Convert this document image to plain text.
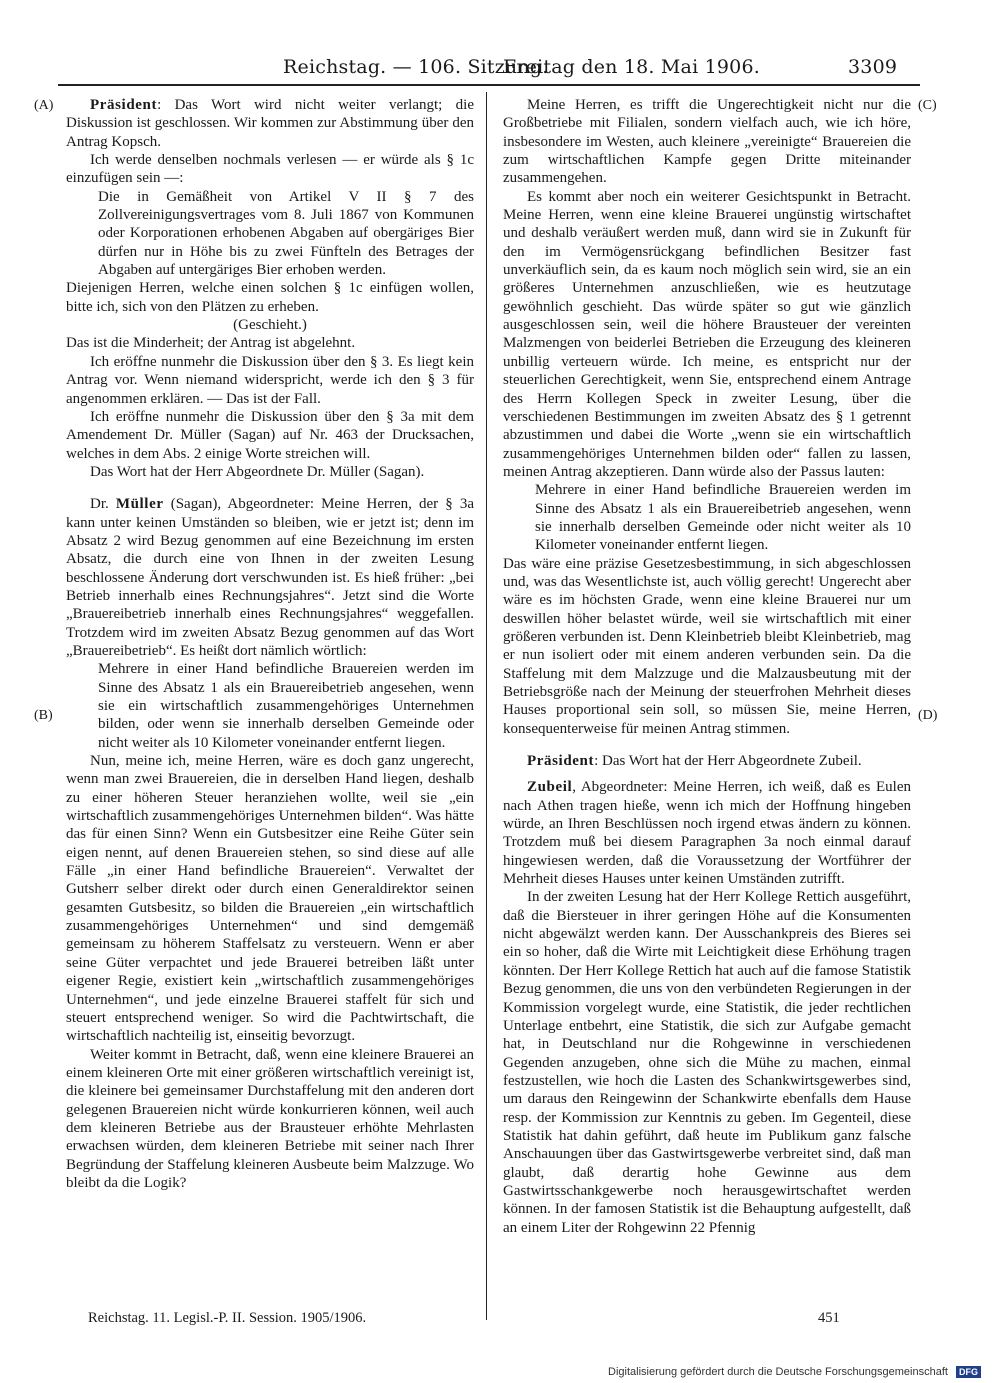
Reichstag. — 106. Sitzung.
Freitag den 18. Mai 1906.	3309
(A)
(B)
(C)
(D)

Präsident: Das Wort wird nicht weiter verlangt; die Diskussion ist geschlossen. Wir kommen zur Abstimmung über den Antrag Kopsch.

Ich werde denselben nochmals verlesen — er würde als § 1c einzufügen sein —:

Die in Gemäßheit von Artikel V II § 7 des Zollvereinigungsvertrages vom 8. Juli 1867 von Kommunen oder Korporationen erhobenen Abgaben auf obergäriges Bier dürfen nur in Höhe bis zu zwei Fünfteln des Betrages der Abgaben auf untergäriges Bier erhoben werden.

Diejenigen Herren, welche einen solchen § 1c einfügen wollen, bitte ich, sich von den Plätzen zu erheben.

(Geschieht.)

Das ist die Minderheit; der Antrag ist abgelehnt.

Ich eröffne nunmehr die Diskussion über den § 3. Es liegt kein Antrag vor. Wenn niemand widerspricht, werde ich den § 3 für angenommen erklären. — Das ist der Fall.

Ich eröffne nunmehr die Diskussion über den § 3a mit dem Amendement Dr. Müller (Sagan) auf Nr. 463 der Drucksachen, welches in dem Abs. 2 einige Worte streichen will.

Das Wort hat der Herr Abgeordnete Dr. Müller (Sagan).

Dr. Müller (Sagan), Abgeordneter: Meine Herren, der § 3a kann unter keinen Umständen so bleiben, wie er jetzt ist; denn im Absatz 2 wird Bezug genommen auf eine Bezeichnung im ersten Absatz, die durch eine von Ihnen in der zweiten Lesung beschlossene Änderung dort verschwunden ist. Es hieß früher: „bei Betrieb innerhalb eines Rechnungsjahres“. Jetzt sind die Worte „Brauereibetrieb innerhalb eines Rechnungsjahres“ weggefallen. Trotzdem wird im zweiten Absatz Bezug genommen auf das Wort „Brauereibetrieb“. Es heißt dort nämlich wörtlich:

Mehrere in einer Hand befindliche Brauereien werden im Sinne des Absatz 1 als ein Brauereibetrieb angesehen, wenn sie ein wirtschaftlich zusammengehöriges Unternehmen bilden, oder wenn sie innerhalb derselben Gemeinde oder nicht weiter als 10 Kilometer voneinander entfernt liegen.

Nun, meine ich, meine Herren, wäre es doch ganz ungerecht, wenn man zwei Brauereien, die in derselben Hand liegen, deshalb zu einer höheren Steuer heranziehen wollte, weil sie „ein wirtschaftlich zusammengehöriges Unternehmen bilden“. Was hätte das für einen Sinn? Wenn ein Gutsbesitzer eine Reihe Güter sein eigen nennt, auf denen Brauereien stehen, so sind diese auf alle Fälle „in einer Hand befindliche Brauereien“. Verwaltet der Gutsherr selber direkt oder durch einen Generaldirektor seinen gesamten Gutsbesitz, so bilden die Brauereien „ein wirtschaftlich zusammengehöriges Unternehmen“ und sind demgemäß gemeinsam zu höherem Staffelsatz zu versteuern. Wenn er aber seine Güter verpachtet und jede Brauerei betreiben läßt unter eigener Regie, existiert kein „wirtschaftlich zusammengehöriges Unternehmen“, und jede einzelne Brauerei staffelt für sich und steuert entsprechend weniger. So wird die Pachtwirtschaft, die wirtschaftlich nachteilig ist, einseitig bevorzugt.

Weiter kommt in Betracht, daß, wenn eine kleinere Brauerei an einem kleineren Orte mit einer größeren wirtschaftlich vereinigt ist, die kleinere bei gemeinsamer Durchstaffelung mit den anderen dort gelegenen Brauereien nicht würde konkurrieren können, weil auch dem kleineren Betriebe aus der Brausteuer erhöhte Mehrlasten erwachsen würden, dem kleineren Betriebe mit seiner nach Ihrer Begründung der Staffelung kleineren Ausbeute beim Malzzuge. Wo bleibt da die Logik?

Meine Herren, es trifft die Ungerechtigkeit nicht nur die Großbetriebe mit Filialen, sondern vielfach auch, wie ich höre, insbesondere im Westen, auch kleinere „vereinigte“ Brauereien die zum wirtschaftlichen Kampfe gegen Dritte miteinander zusammengehen.

Es kommt aber noch ein weiterer Gesichtspunkt in Betracht. Meine Herren, wenn eine kleine Brauerei ungünstig wirtschaftet und deshalb veräußert werden muß, dann wird sie in Zukunft für den im Vermögensrückgang befindlichen Besitzer fast unverkäuflich sein, da es kaum noch möglich sein wird, sie an ein größeres Unternehmen anzuschließen, wie es heutzutage gewöhnlich geschieht. Das würde später so gut wie gänzlich ausgeschlossen sein, weil die höhere Brausteuer der vereinten Malzmengen von beiderlei Betrieben die Erzeugung des kleineren unbillig verteuern würde. Ich meine, es entspricht nur der steuerlichen Gerechtigkeit, wenn Sie, entsprechend einem Antrage des Herrn Kollegen Speck in zweiter Lesung, über die verschiedenen Bestimmungen im zweiten Absatz des § 1 getrennt abzustimmen und dabei die Worte „wenn sie ein wirtschaftlich zusammengehöriges Unternehmen bilden oder“ fallen zu lassen, meinen Antrag akzeptieren. Dann würde also der Passus lauten:

Mehrere in einer Hand befindliche Brauereien werden im Sinne des Absatz 1 als ein Brauereibetrieb angesehen, wenn sie innerhalb derselben Gemeinde oder nicht weiter als 10 Kilometer voneinander entfernt liegen.

Das wäre eine präzise Gesetzesbestimmung, in sich abgeschlossen und, was das Wesentlichste ist, auch völlig gerecht! Ungerecht aber wäre es im höchsten Grade, wenn eine kleine Brauerei nur um deswillen höher belastet würde, weil sie wirtschaftlich mit einer größeren verbunden ist. Denn Kleinbetrieb bleibt Kleinbetrieb, mag er nun isoliert oder mit einem anderen verbunden sein. Da die Staffelung mit dem Malzzuge und die Malzausbeutung mit der Betriebsgröße nach der Meinung der steuerfrohen Mehrheit dieses Hauses proportional sein soll, so müssen Sie, meine Herren, konsequenterweise für meinen Antrag stimmen.

Präsident: Das Wort hat der Herr Abgeordnete Zubeil.

Zubeil, Abgeordneter: Meine Herren, ich weiß, daß es Eulen nach Athen tragen hieße, wenn ich mich der Hoffnung hingeben würde, an Ihren Beschlüssen noch irgend etwas ändern zu können. Trotzdem muß bei diesem Paragraphen 3a noch einmal darauf hingewiesen werden, daß die Voraussetzung der Wortführer der Mehrheit dieses Hauses unter keinen Umständen zutrifft.

In der zweiten Lesung hat der Herr Kollege Rettich ausgeführt, daß die Biersteuer in ihrer geringen Höhe auf die Konsumenten nicht abgewälzt werden kann. Der Ausschankpreis des Bieres sei ein so hoher, daß die Wirte mit Leichtigkeit diese Erhöhung tragen könnten. Der Herr Kollege Rettich hat auch auf die famose Statistik Bezug genommen, die uns von den verbündeten Regierungen in der Kommission vorgelegt wurde, eine Statistik, die jeder rechtlichen Unterlage entbehrt, eine Statistik, die sich zur Aufgabe gemacht hat, in Deutschland nur die Rohgewinne in verschiedenen Gegenden anzugeben, ohne sich die Mühe zu machen, einmal festzustellen, wie hoch die Lasten des Schankwirtsgewerbes sind, um daraus den Reingewinn der Schankwirte ebenfalls dem Hause resp. der Kommission zur Kenntnis zu geben. Im Gegenteil, diese Statistik hat dahin geführt, daß heute im Publikum ganz falsche Anschauungen über das Gastwirtsgewerbe verbreitet sind, daß man glaubt, daß derartig hohe Gewinne aus dem Gastwirtsschankgewerbe noch herausgewirtschaftet werden können. In der famosen Statistik ist die Behauptung aufgestellt, daß an einem Liter der Rohgewinn 22 Pfennig

Reichstag. 11. Legisl.-P. II. Session. 1905/1906.	451
Digitalisierung gefördert durch die Deutsche Forschungsgemeinschaft DFG
